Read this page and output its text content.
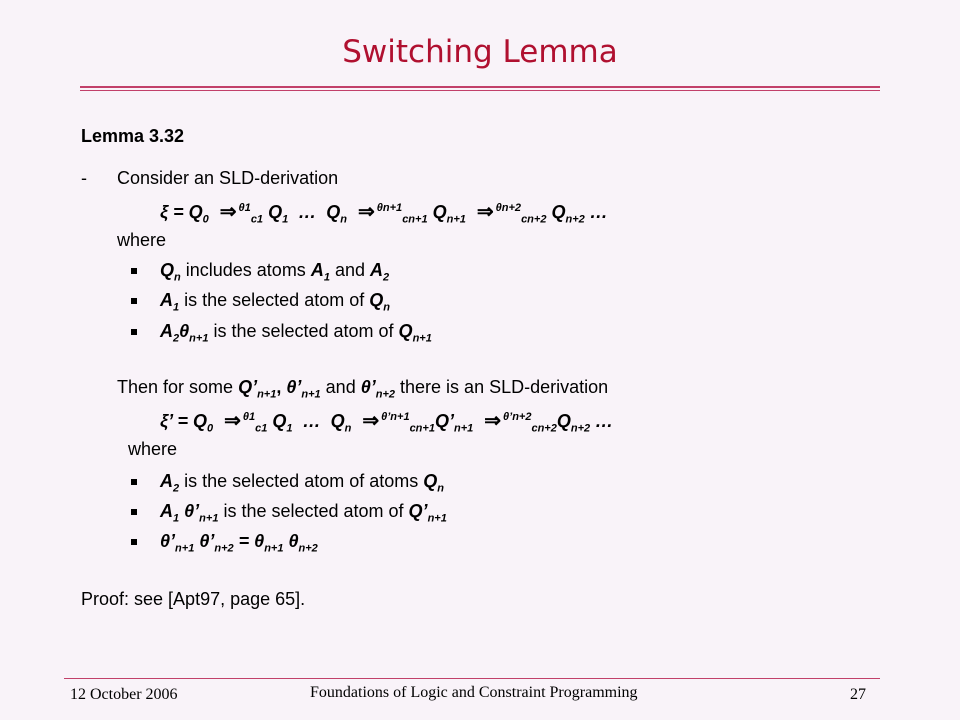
Switching Lemma
Lemma 3.32
- Consider an SLD-derivation
$\xi = Q_0$ ⇒ $^{\theta 1}_{c1}$ $Q_1$ … $Q_n$ ⇒ $^{\theta n+1}_{cn+1}$ $Q_{n+1}$ ⇒ $^{\theta n+2}_{cn+2}$ $Q_{n+2}$ …
where
$Q_n$ includes atoms $A_1$ and $A_2$
$A_1$ is the selected atom of $Q_n$
$A_2\theta_{n+1}$ is the selected atom of $Q_{n+1}$
Then for some $Q’_{n+1}$, $\theta’_{n+1}$ and $\theta’_{n+2}$ there is an SLD-derivation
ξ’ = $Q_0$ ⇒ $^{\theta 1}_{c1}$ $Q_1$ … $Q_n$ ⇒ $^{\theta’n+1}_{cn+1}Q’_{n+1}$ ⇒ $^{\theta’n+2}_{cn+2}Q_{n+2}$ …
where
$A_2$ is the selected atom of atoms $Q_n$
$A_1$ $\theta’_{n+1}$ is the selected atom of $Q’_{n+1}$
$\theta’_{n+1}$ $\theta’_{n+2} = \theta_{n+1}$ $\theta_{n+2}$
Proof: see [Apt97, page 65].
12 October 2006	Foundations of Logic and Constraint Programming	27
